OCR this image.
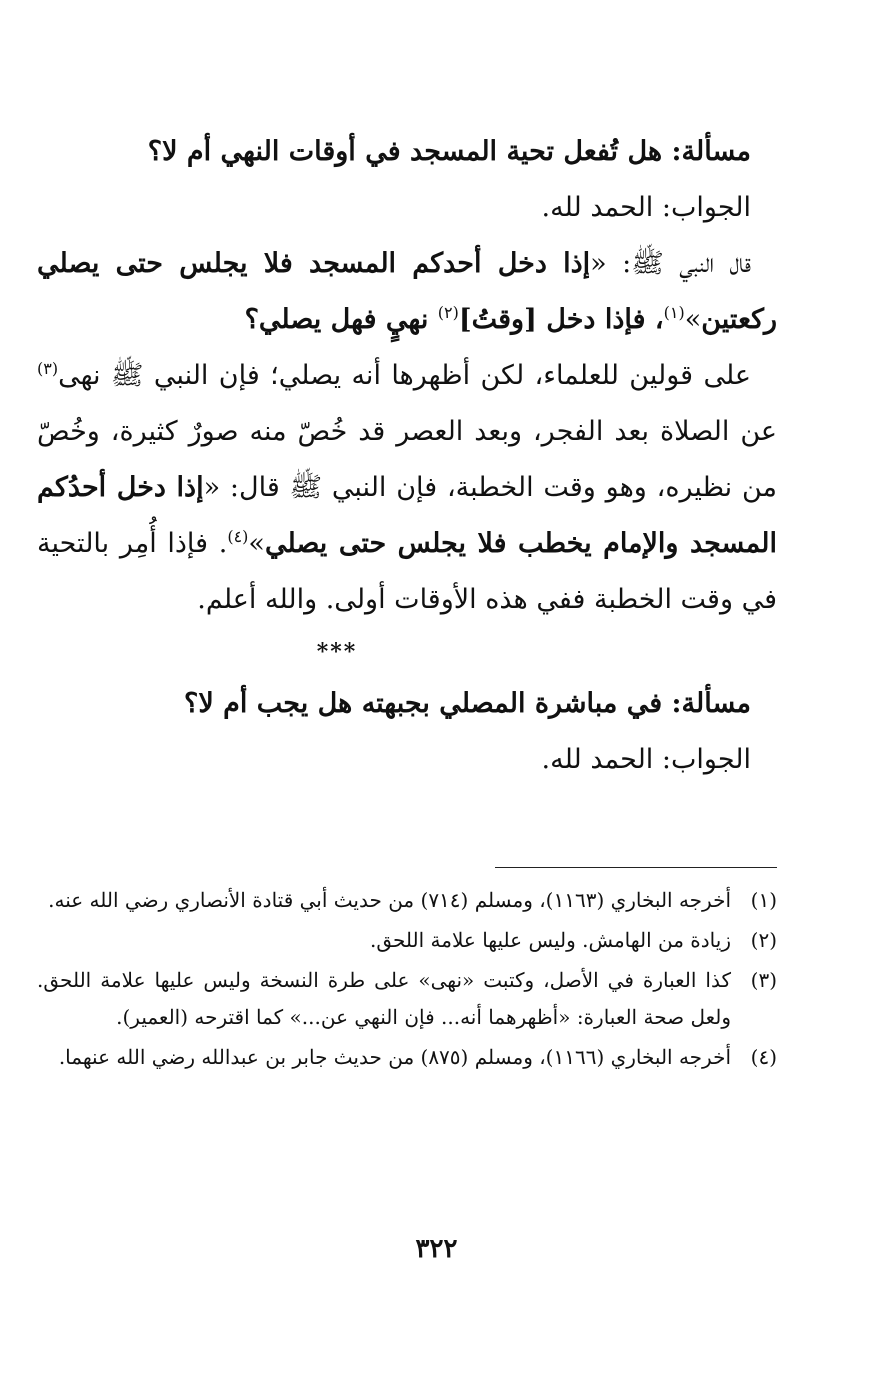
مسألة: هل تُفعل تحية المسجد في أوقات النهي أم لا؟

الجواب: الحمد لله.

قال النبي ﷺ: «إذا دخل أحدكم المسجد فلا يجلس حتى يصلي ركعتين»$^{(١)}$، فإذا دخل [وقتُ]$^{(٢)}$ نهيٍ فهل يصلي؟

على قولين للعلماء، لكن أظهرها أنه يصلي؛ فإن النبي ﷺ نهى$^{(٣)}$ عن الصلاة بعد الفجر، وبعد العصر قد خُصّ منه صورٌ كثيرة، وخُصّ من نظيره، وهو وقت الخطبة، فإن النبي ﷺ قال: «إذا دخل أحدُكم المسجد والإمام يخطب فلا يجلس حتى يصلي»$^{(٤)}$. فإذا أُمِر بالتحية في وقت الخطبة ففي هذه الأوقات أولى. والله أعلم.

***

مسألة: في مباشرة المصلي بجبهته هل يجب أم لا؟

الجواب: الحمد لله.

(١)
أخرجه البخاري (١١٦٣)، ومسلم (٧١٤) من حديث أبي قتادة الأنصاري رضي الله عنه.
(٢)
زيادة من الهامش. وليس عليها علامة اللحق.
(٣)
كذا العبارة في الأصل، وكتبت «نهى» على طرة النسخة وليس عليها علامة اللحق. ولعل صحة العبارة: «أظهرهما أنه... فإن النهي عن...» كما اقترحه (العمير).
(٤)
أخرجه البخاري (١١٦٦)، ومسلم (٨٧٥) من حديث جابر بن عبدالله رضي الله عنهما.
٣٢٢
